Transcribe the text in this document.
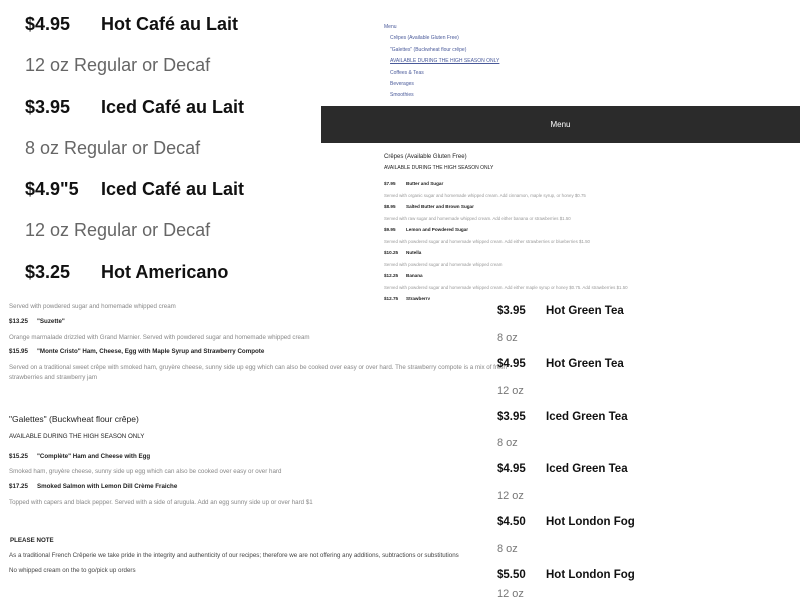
$4.95 Hot Café au Lait
12 oz Regular or Decaf
$3.95 Iced Café au Lait
8 oz Regular or Decaf
$4.9"5 Iced Café au Lait
12 oz Regular or Decaf
$3.25 Hot Americano
Menu
Crêpes (Available Gluten Free)
"Galettes" (Buckwheat flour crêpe)
AVAILABLE DURING THE HIGH SEASON ONLY
Coffees & Teas
Beverages
Smoothies
Menu
Crêpes (Available Gluten Free)
AVAILABLE DURING THE HIGH SEASON ONLY
$7.95 Butter and Sugar
Served with organic sugar and homemade whipped cream. Add cinnamon, maple syrup, or honey $0.75
$8.95 Salted Butter and Brown Sugar
Served with raw sugar and homemade whipped cream. Add either banana or strawberries $1.50
$9.95 Lemon and Powdered Sugar
Served with powdered sugar and homemade whipped cream. Add either strawberries or blueberries $1.50
$10.25 Nutella
Served with powdered sugar and homemade whipped cream
$12.25 Banana
Served with powdered sugar and homemade whipped cream. Add either maple syrup or honey $0.75. Add strawberries $1.50
$12.75 Strawberry
Served with powdered sugar and homemade whipped cream
$13.25 "Suzette"
Orange marmalade drizzled with Grand Marnier. Served with powdered sugar and homemade whipped cream
$15.95 "Monte Cristo" Ham, Cheese, Egg with Maple Syrup and Strawberry Compote
Served on a traditional sweet crêpe with smoked ham, gruyère cheese, sunny side up egg which can also be cooked over easy or over hard. The strawberry compote is a mix of fresh
strawberries and strawberry jam
"Galettes" (Buckwheat flour crêpe)
AVAILABLE DURING THE HIGH SEASON ONLY
$15.25 "Complète" Ham and Cheese with Egg
Smoked ham, gruyère cheese, sunny side up egg which can also be cooked over easy or over hard
$17.25 Smoked Salmon with Lemon Dill Crème Fraiche
Topped with capers and black pepper. Served with a side of arugula. Add an egg sunny side up or over hard $1
PLEASE NOTE
As a traditional French Crêperie we take pride in the integrity and authenticity of our recipes; therefore we are not offering any additions, subtractions or substitutions
No whipped cream on the to go/pick up orders
$3.95 Hot Green Tea
8 oz
$4.95 Hot Green Tea
12 oz
$3.95 Iced Green Tea
8 oz
$4.95 Iced Green Tea
12 oz
$4.50 Hot London Fog
8 oz
$5.50 Hot London Fog
12 oz
